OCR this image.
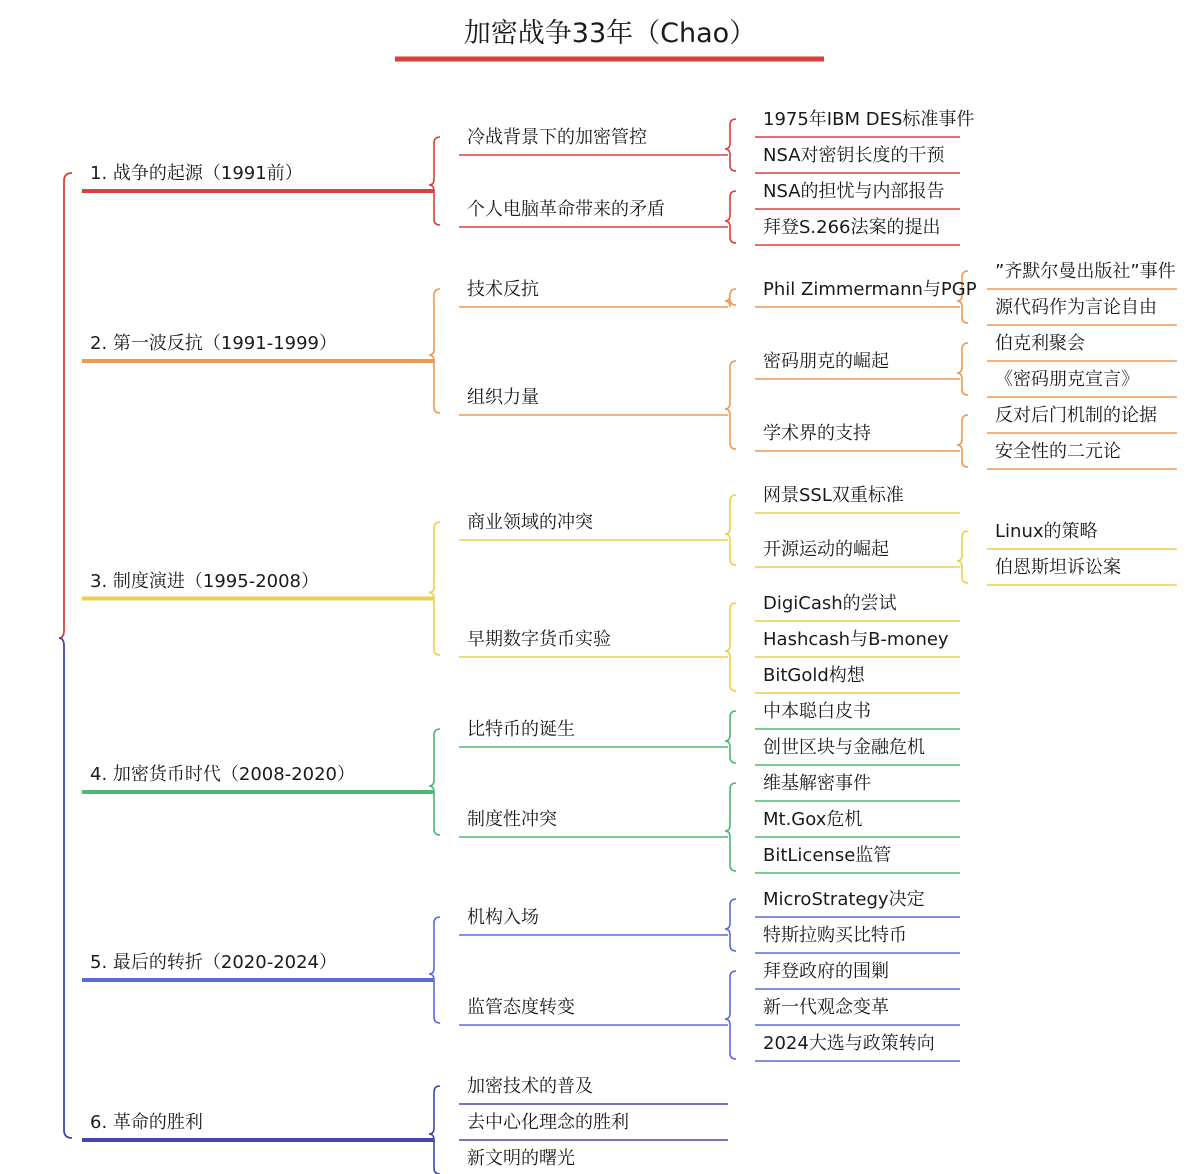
加密战争33年（Chao）
1. 战争的起源（1991前）
冷战背景下的加密管控
1975年IBM DES标准事件
NSA对密钥长度的干预
个人电脑革命带来的矛盾
NSA的担忧与内部报告
拜登S.266法案的提出
2. 第一波反抗（1991-1999）
技术反抗	Phil Zimmermann与PGP
”齐默尔曼出版社”事件
源代码作为言论自由
组织力量
密码朋克的崛起
伯克利聚会
《密码朋克宣言》
学术界的支持
反对后门机制的论据
安全性的二元论
3. 制度演进（1995-2008）
商业领域的冲突
网景SSL双重标准
开源运动的崛起
Linux的策略
伯恩斯坦诉讼案
早期数字货币实验
DigiCash的尝试
Hashcash与B-money
BitGold构想
4. 加密货币时代（2008-2020）
比特币的诞生
中本聪白皮书
创世区块与金融危机
制度性冲突
维基解密事件
Mt.Gox危机
BitLicense监管
5. 最后的转折（2020-2024）
机构入场
MicroStrategy决定
特斯拉购买比特币
监管态度转变
拜登政府的围剿
新一代观念变革
2024大选与政策转向
6. 革命的胜利
加密技术的普及
去中心化理念的胜利
新文明的曙光
